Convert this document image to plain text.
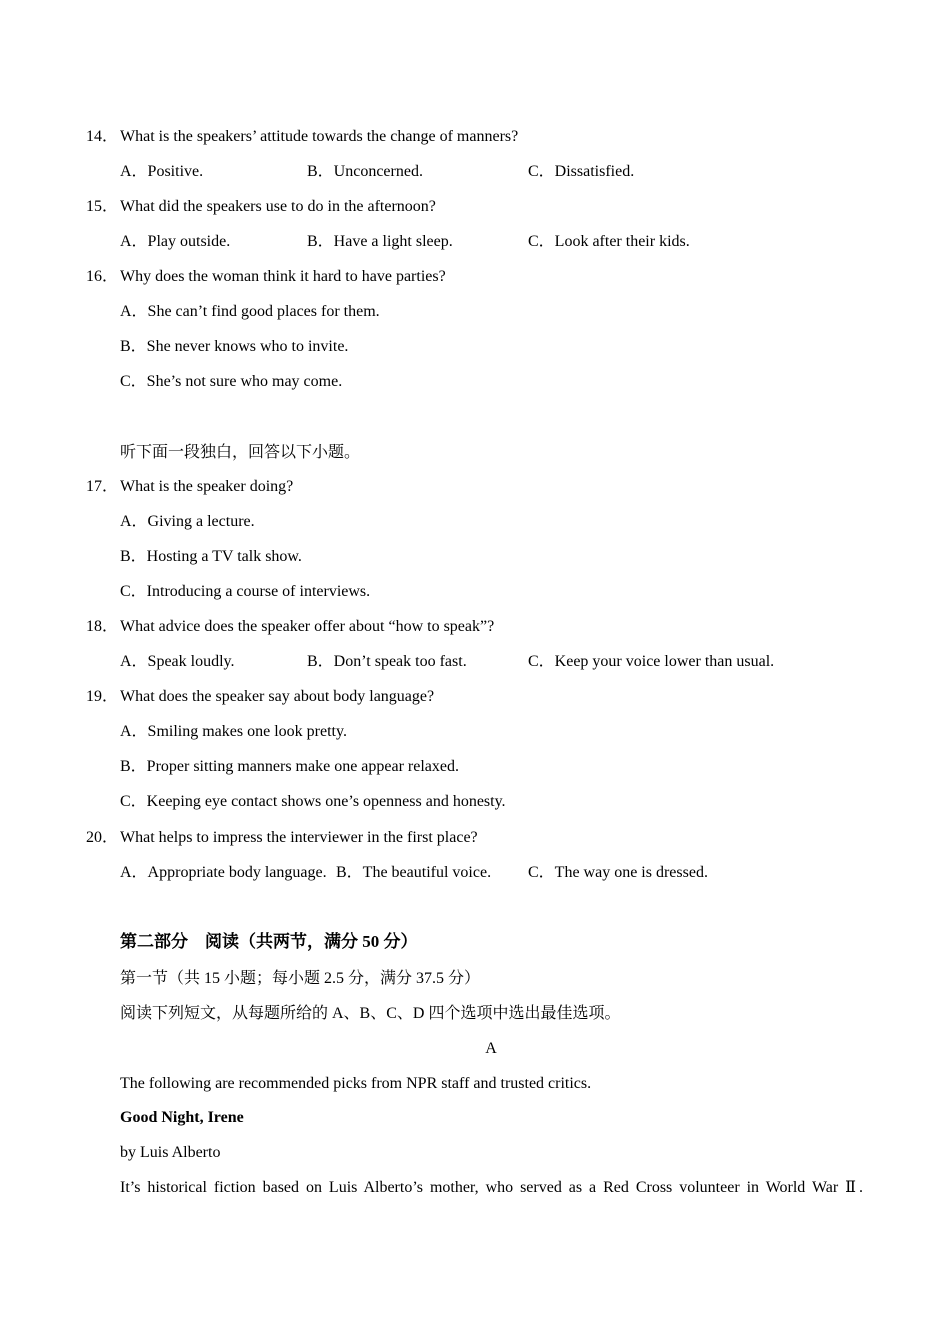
14． What is the speakers’ attitude towards the change of manners?
A．Positive.	B．Unconcerned.	C．Dissatisfied.
15． What did the speakers use to do in the afternoon?
A．Play outside.	B．Have a light sleep.	C．Look after their kids.
16． Why does the woman think it hard to have parties?
A．She can’t find good places for them.
B．She never knows who to invite.
C．She’s not sure who may come.
听下面一段独白，回答以下小题。
17． What is the speaker doing?
A．Giving a lecture.
B．Hosting a TV talk show.
C．Introducing a course of interviews.
18． What advice does the speaker offer about “how to speak”?
A．Speak loudly.	B．Don’t speak too fast.	C．Keep your voice lower than usual.
19． What does the speaker say about body language?
A．Smiling makes one look pretty.
B．Proper sitting manners make one appear relaxed.
C．Keeping eye contact shows one’s openness and honesty.
20． What helps to impress the interviewer in the first place?
A．Appropriate body language. B．The beautiful voice. C．The way one is dressed.
第二部分　阅读（共两节，满分 50 分）
第一节（共 15 小题；每小题 2.5 分，满分 37.5 分）
阅读下列短文，从每题所给的 A、B、C、D 四个选项中选出最佳选项。
A
The following are recommended picks from NPR staff and trusted critics.
Good Night, Irene
by Luis Alberto
It’s historical fiction based on Luis Alberto’s mother, who served as a Red Cross volunteer in World War Ⅱ.
